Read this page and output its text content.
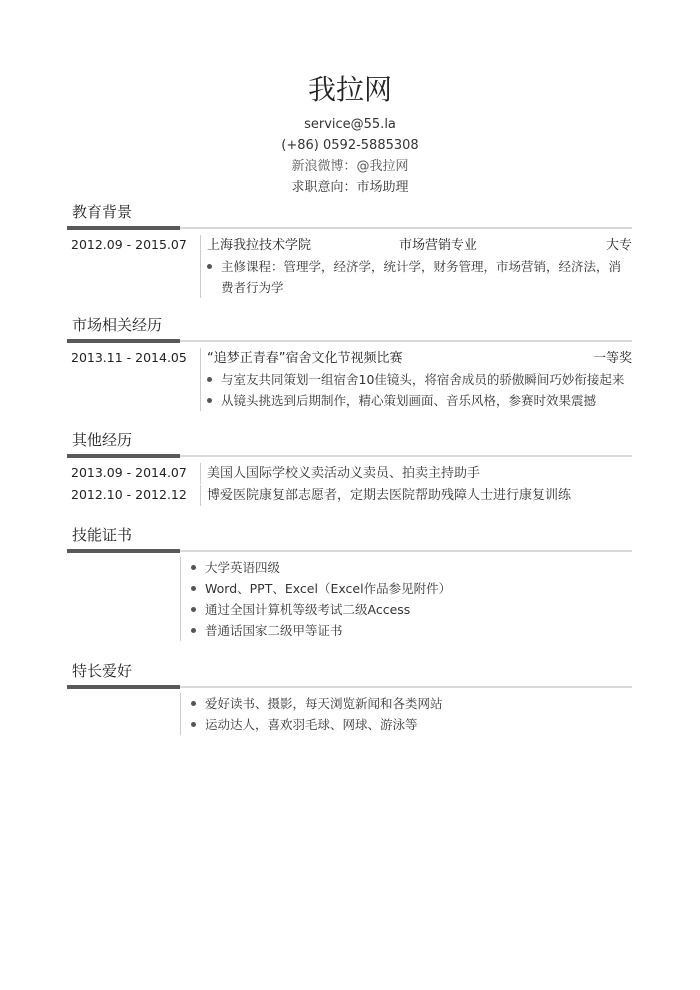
我拉网
service@55.la
(+86) 0592-5885308
新浪微博：@我拉网
求职意向：市场助理
教育背景
2012.09 - 2015.07	上海我拉技术学院	市场营销专业	大专
主修课程：管理学，经济学，统计学，财务管理，市场营销，经济法，消费者行为学
市场相关经历
2013.11 - 2014.05	“追梦正青春”宿舍文化节视频比赛	一等奖
与室友共同策划一组宿舍10佳镜头，将宿舍成员的骄傲瞬间巧妙衔接起来
从镜头挑选到后期制作，精心策划画面、音乐风格，参赛时效果震撼
其他经历
2013.09 - 2014.07	美国人国际学校义卖活动义卖员、拍卖主持助手
2012.10 - 2012.12	博爱医院康复部志愿者，定期去医院帮助残障人士进行康复训练
技能证书
大学英语四级
Word、PPT、Excel（Excel作品参见附件）
通过全国计算机等级考试二级Access
普通话国家二级甲等证书
特长爱好
爱好读书、摄影，每天浏览新闻和各类网站
运动达人，喜欢羽毛球、网球、游泳等
